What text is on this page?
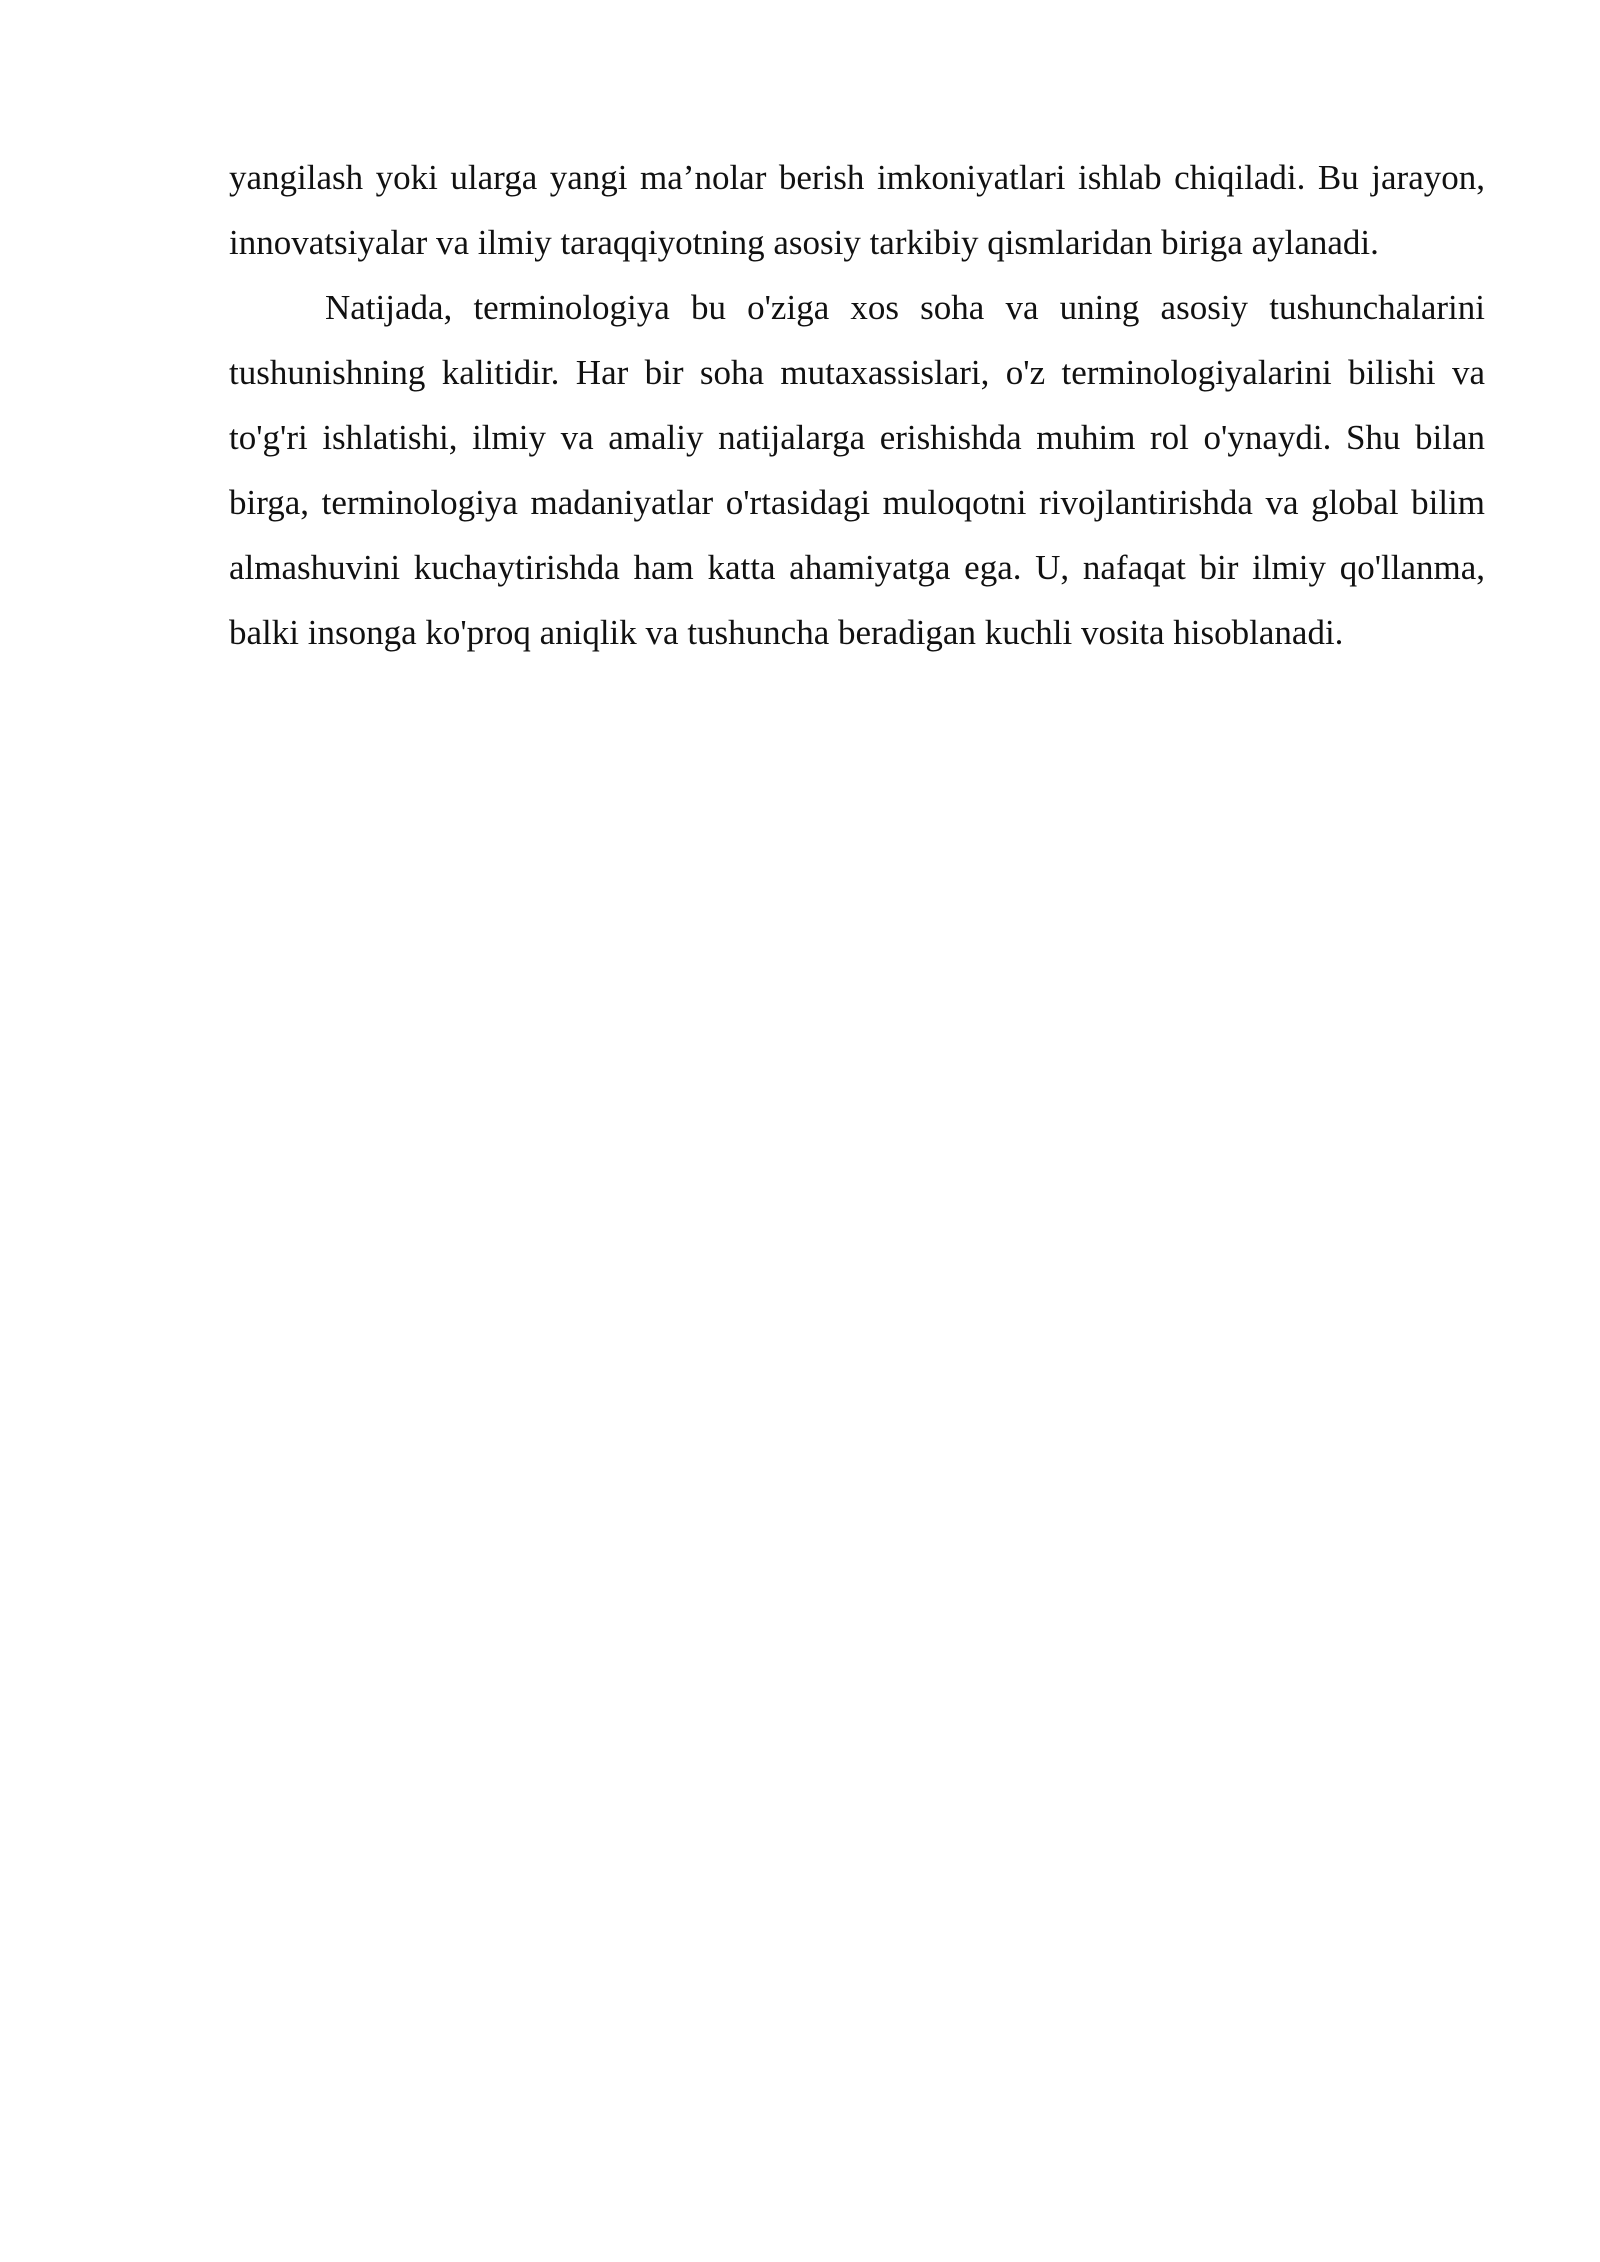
yangilash yoki ularga yangi ma’nolar berish imkoniyatlari ishlab chiqiladi. Bu jarayon, innovatsiyalar va ilmiy taraqqiyotning asosiy tarkibiy qismlaridan biriga aylanadi.

Natijada, terminologiya bu o'ziga xos soha va uning asosiy tushunchalarini tushunishning kalitidir. Har bir soha mutaxassislari, o'z terminologiyalarini bilishi va to'g'ri ishlatishi, ilmiy va amaliy natijalarga erishishda muhim rol o'ynaydi. Shu bilan birga, terminologiya madaniyatlar o'rtasidagi muloqotni rivojlantirishda va global bilim almashuvini kuchaytirishda ham katta ahamiyatga ega. U, nafaqat bir ilmiy qo'llanma, balki insonga ko'proq aniqlik va tushuncha beradigan kuchli vosita hisoblanadi.
